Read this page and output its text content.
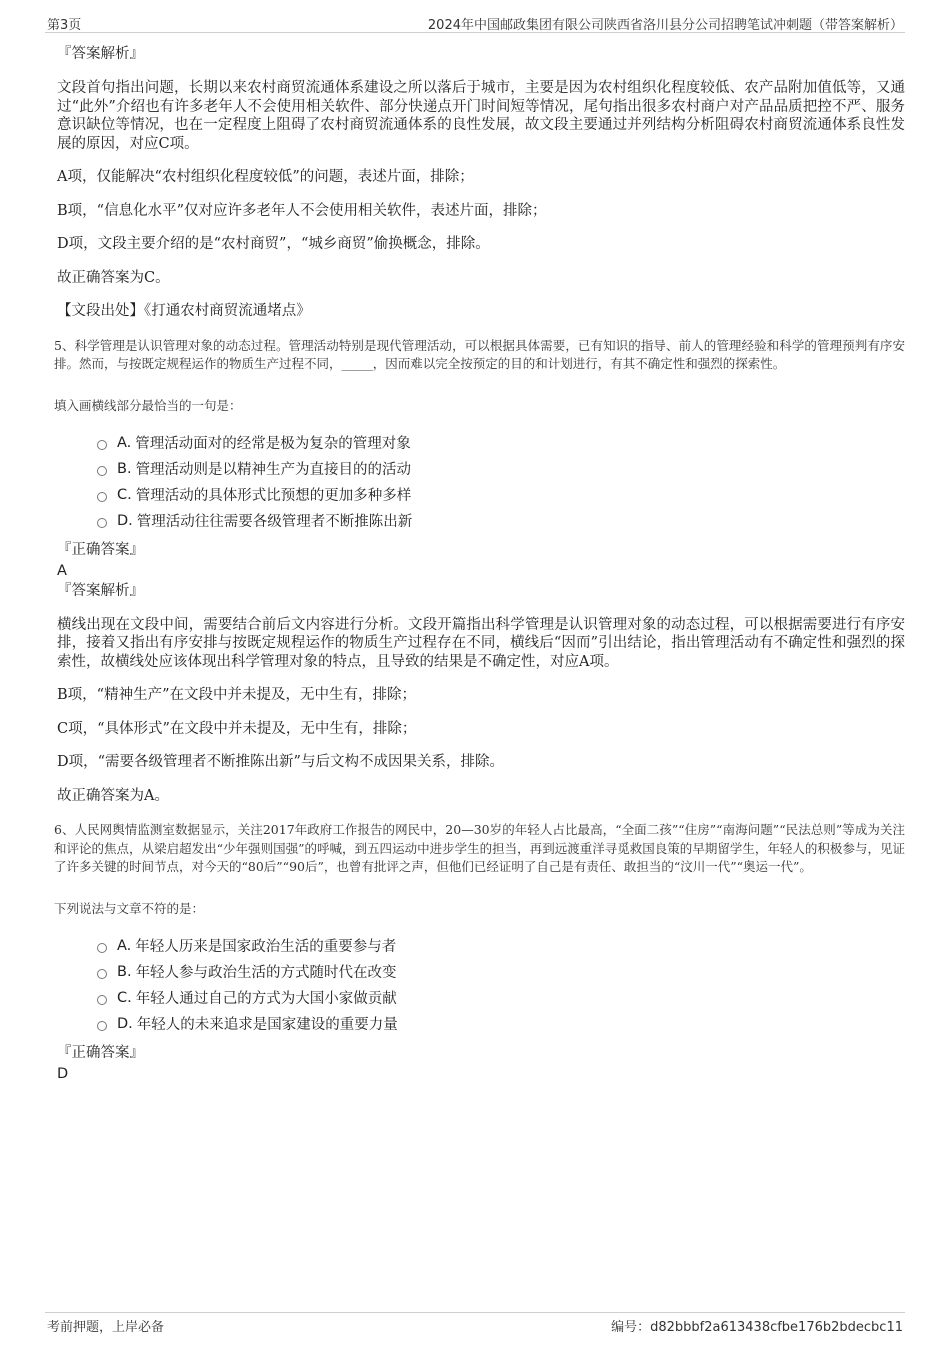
第3页	2024年中国邮政集团有限公司陕西省洛川县分公司招聘笔试冲刺题（带答案解析）
『答案解析』

文段首句指出问题，长期以来农村商贸流通体系建设之所以落后于城市，主要是因为农村组织化程度较低、农产品附加值低等，又通过“此外”介绍也有许多老年人不会使用相关软件、部分快递点开门时间短等情况，尾句指出很多农村商户对产品品质把控不严、服务意识缺位等情况，也在一定程度上阻碍了农村商贸流通体系的良性发展，故文段主要通过并列结构分析阻碍农村商贸流通体系良性发展的原因，对应C项。

A项，仅能解决“农村组织化程度较低”的问题，表述片面，排除；

B项，“信息化水平”仅对应许多老年人不会使用相关软件，表述片面，排除；

D项，文段主要介绍的是“农村商贸”，“城乡商贸”偷换概念，排除。

故正确答案为C。

【文段出处】《打通农村商贸流通堵点》

5、科学管理是认识管理对象的动态过程。管理活动特别是现代管理活动，可以根据具体需要，已有知识的指导、前人的管理经验和科学的管理预判有序安排。然而，与按既定规程运作的物质生产过程不同，_____，因而难以完全按预定的目的和计划进行，有其不确定性和强烈的探索性。

填入画横线部分最恰当的一句是：

A. 管理活动面对的经常是极为复杂的管理对象
B. 管理活动则是以精神生产为直接目的的活动
C. 管理活动的具体形式比预想的更加多种多样
D. 管理活动往往需要各级管理者不断推陈出新
『正确答案』
A
『答案解析』

横线出现在文段中间，需要结合前后文内容进行分析。文段开篇指出科学管理是认识管理对象的动态过程，可以根据需要进行有序安排，接着又指出有序安排与按既定规程运作的物质生产过程存在不同，横线后“因而”引出结论，指出管理活动有不确定性和强烈的探索性，故横线处应该体现出科学管理对象的特点，且导致的结果是不确定性，对应A项。

B项，“精神生产”在文段中并未提及，无中生有，排除；

C项，“具体形式”在文段中并未提及，无中生有，排除；

D项，“需要各级管理者不断推陈出新”与后文构不成因果关系，排除。

故正确答案为A。

6、人民网舆情监测室数据显示，关注2017年政府工作报告的网民中，20—30岁的年轻人占比最高，“全面二孩”“住房”“南海问题”“民法总则”等成为关注和评论的焦点，从梁启超发出“少年强则国强”的呼喊，到五四运动中进步学生的担当，再到远渡重洋寻觅救国良策的早期留学生，年轻人的积极参与，见证了许多关键的时间节点，对今天的“80后”“90后”，也曾有批评之声，但他们已经证明了自己是有责任、敢担当的“汶川一代”“奥运一代”。

下列说法与文章不符的是：

A. 年轻人历来是国家政治生活的重要参与者
B. 年轻人参与政治生活的方式随时代在改变
C. 年轻人通过自己的方式为大国小家做贡献
D. 年轻人的未来追求是国家建设的重要力量
『正确答案』
D
考前押题，上岸必备	编号：d82bbbf2a613438cfbe176b2bdecbc11
